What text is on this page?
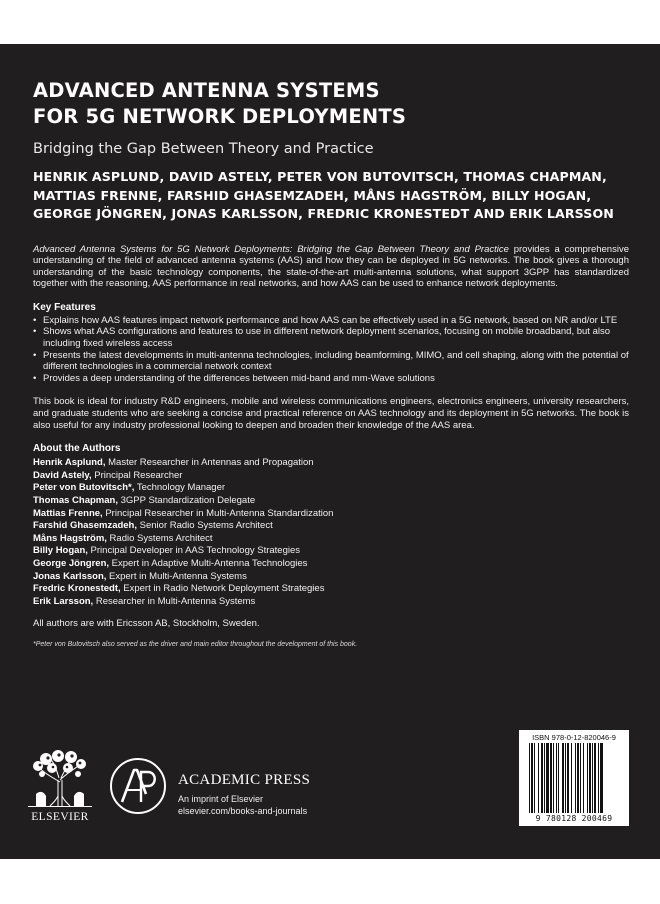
ADVANCED ANTENNA SYSTEMS
FOR 5G NETWORK DEPLOYMENTS
Bridging the Gap Between Theory and Practice
HENRIK ASPLUND, DAVID ASTELY, PETER VON BUTOVITSCH, THOMAS CHAPMAN,
MATTIAS FRENNE, FARSHID GHASEMZADEH, MÅNS HAGSTRÖM, BILLY HOGAN,
GEORGE JÖNGREN, JONAS KARLSSON, FREDRIC KRONESTEDT AND ERIK LARSSON

Advanced Antenna Systems for 5G Network Deployments: Bridging the Gap Between Theory and Practice provides a comprehensive understanding of the field of advanced antenna systems (AAS) and how they can be deployed in 5G networks. The book gives a thorough understanding of the basic technology components, the state-of-the-art multi-antenna solutions, what support 3GPP has standardized together with the reasoning, AAS performance in real networks, and how AAS can be used to enhance network deployments.

Key Features
• Explains how AAS features impact network performance and how AAS can be effectively used in a 5G network, based on NR and/or LTE
• Shows what AAS configurations and features to use in different network deployment scenarios, focusing on mobile broadband, but also including fixed wireless access
• Presents the latest developments in multi-antenna technologies, including beamforming, MIMO, and cell shaping, along with the potential of different technologies in a commercial network context
• Provides a deep understanding of the differences between mid-band and mm-Wave solutions

This book is ideal for industry R&D engineers, mobile and wireless communications engineers, electronics engineers, university researchers, and graduate students who are seeking a concise and practical reference on AAS technology and its deployment in 5G networks. The book is also useful for any industry professional looking to deepen and broaden their knowledge of the AAS area.

About the Authors
Henrik Asplund, Master Researcher in Antennas and Propagation
David Astely, Principal Researcher
Peter von Butovitsch*, Technology Manager
Thomas Chapman, 3GPP Standardization Delegate
Mattias Frenne, Principal Researcher in Multi-Antenna Standardization
Farshid Ghasemzadeh, Senior Radio Systems Architect
Måns Hagström, Radio Systems Architect
Billy Hogan, Principal Developer in AAS Technology Strategies
George Jöngren, Expert in Adaptive Multi-Antenna Technologies
Jonas Karlsson, Expert in Multi-Antenna Systems
Fredric Kronestedt, Expert in Radio Network Deployment Strategies
Erik Larsson, Researcher in Multi-Antenna Systems

All authors are with Ericsson AB, Stockholm, Sweden.

*Peter von Butovitsch also served as the driver and main editor throughout the development of this book.

ELSEVIER
ACADEMIC PRESS
An imprint of Elsevier
elsevier.com/books-and-journals
ISBN 978-0-12-820046-9
9 780128 200469
